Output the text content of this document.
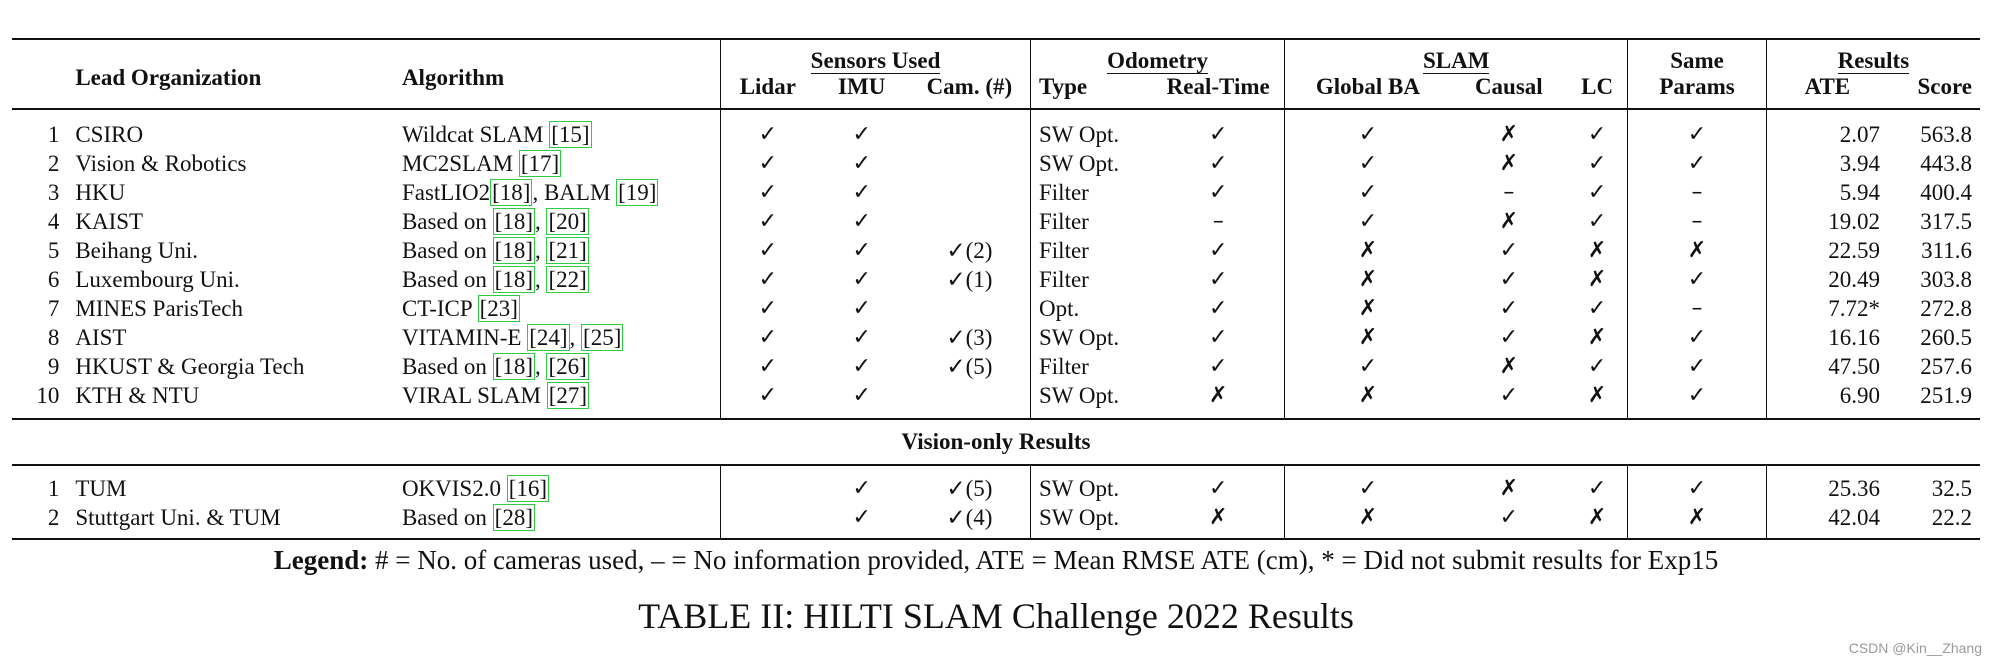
	Lead Organization	Algorithm	Sensors Used			Odometry		SLAM			Same	Results	
			Lidar	IMU	Cam. (#)	Type	Real-Time	Global BA	Causal	LC	Params	ATE	Score
1	CSIRO	Wildcat SLAM [15]	✓	✓		SW Opt.	✓	✓	✗	✓	✓	2.07	563.8
2	Vision & Robotics	MC2SLAM [17]	✓	✓		SW Opt.	✓	✓	✗	✓	✓	3.94	443.8
3	HKU	FastLIO2[18], BALM [19]	✓	✓		Filter	✓	✓	–	✓	–	5.94	400.4
4	KAIST	Based on [18], [20]	✓	✓		Filter	–	✓	✗	✓	–	19.02	317.5
5	Beihang Uni.	Based on [18], [21]	✓	✓	✓(2)	Filter	✓	✗	✓	✗	✗	22.59	311.6
6	Luxembourg Uni.	Based on [18], [22]	✓	✓	✓(1)	Filter	✓	✗	✓	✗	✓	20.49	303.8
7	MINES ParisTech	CT-ICP [23]	✓	✓		Opt.	✓	✗	✓	✓	–	7.72*	272.8
8	AIST	VITAMIN-E [24], [25]	✓	✓	✓(3)	SW Opt.	✓	✗	✓	✗	✓	16.16	260.5
9	HKUST & Georgia Tech	Based on [18], [26]	✓	✓	✓(5)	Filter	✓	✓	✗	✓	✓	47.50	257.6
10	KTH & NTU	VIRAL SLAM [27]	✓	✓		SW Opt.	✗	✗	✓	✗	✓	6.90	251.9
Vision-only Results													
1	TUM	OKVIS2.0 [16]		✓	✓(5)	SW Opt.	✓	✓	✗	✓	✓	25.36	32.5
2	Stuttgart Uni. & TUM	Based on [28]		✓	✓(4)	SW Opt.	✗	✗	✓	✗	✗	42.04	22.2
Legend: # = No. of cameras used, – = No information provided, ATE = Mean RMSE ATE (cm), * = Did not submit results for Exp15
TABLE II: HILTI SLAM Challenge 2022 Results
CSDN @Kin__Zhang
